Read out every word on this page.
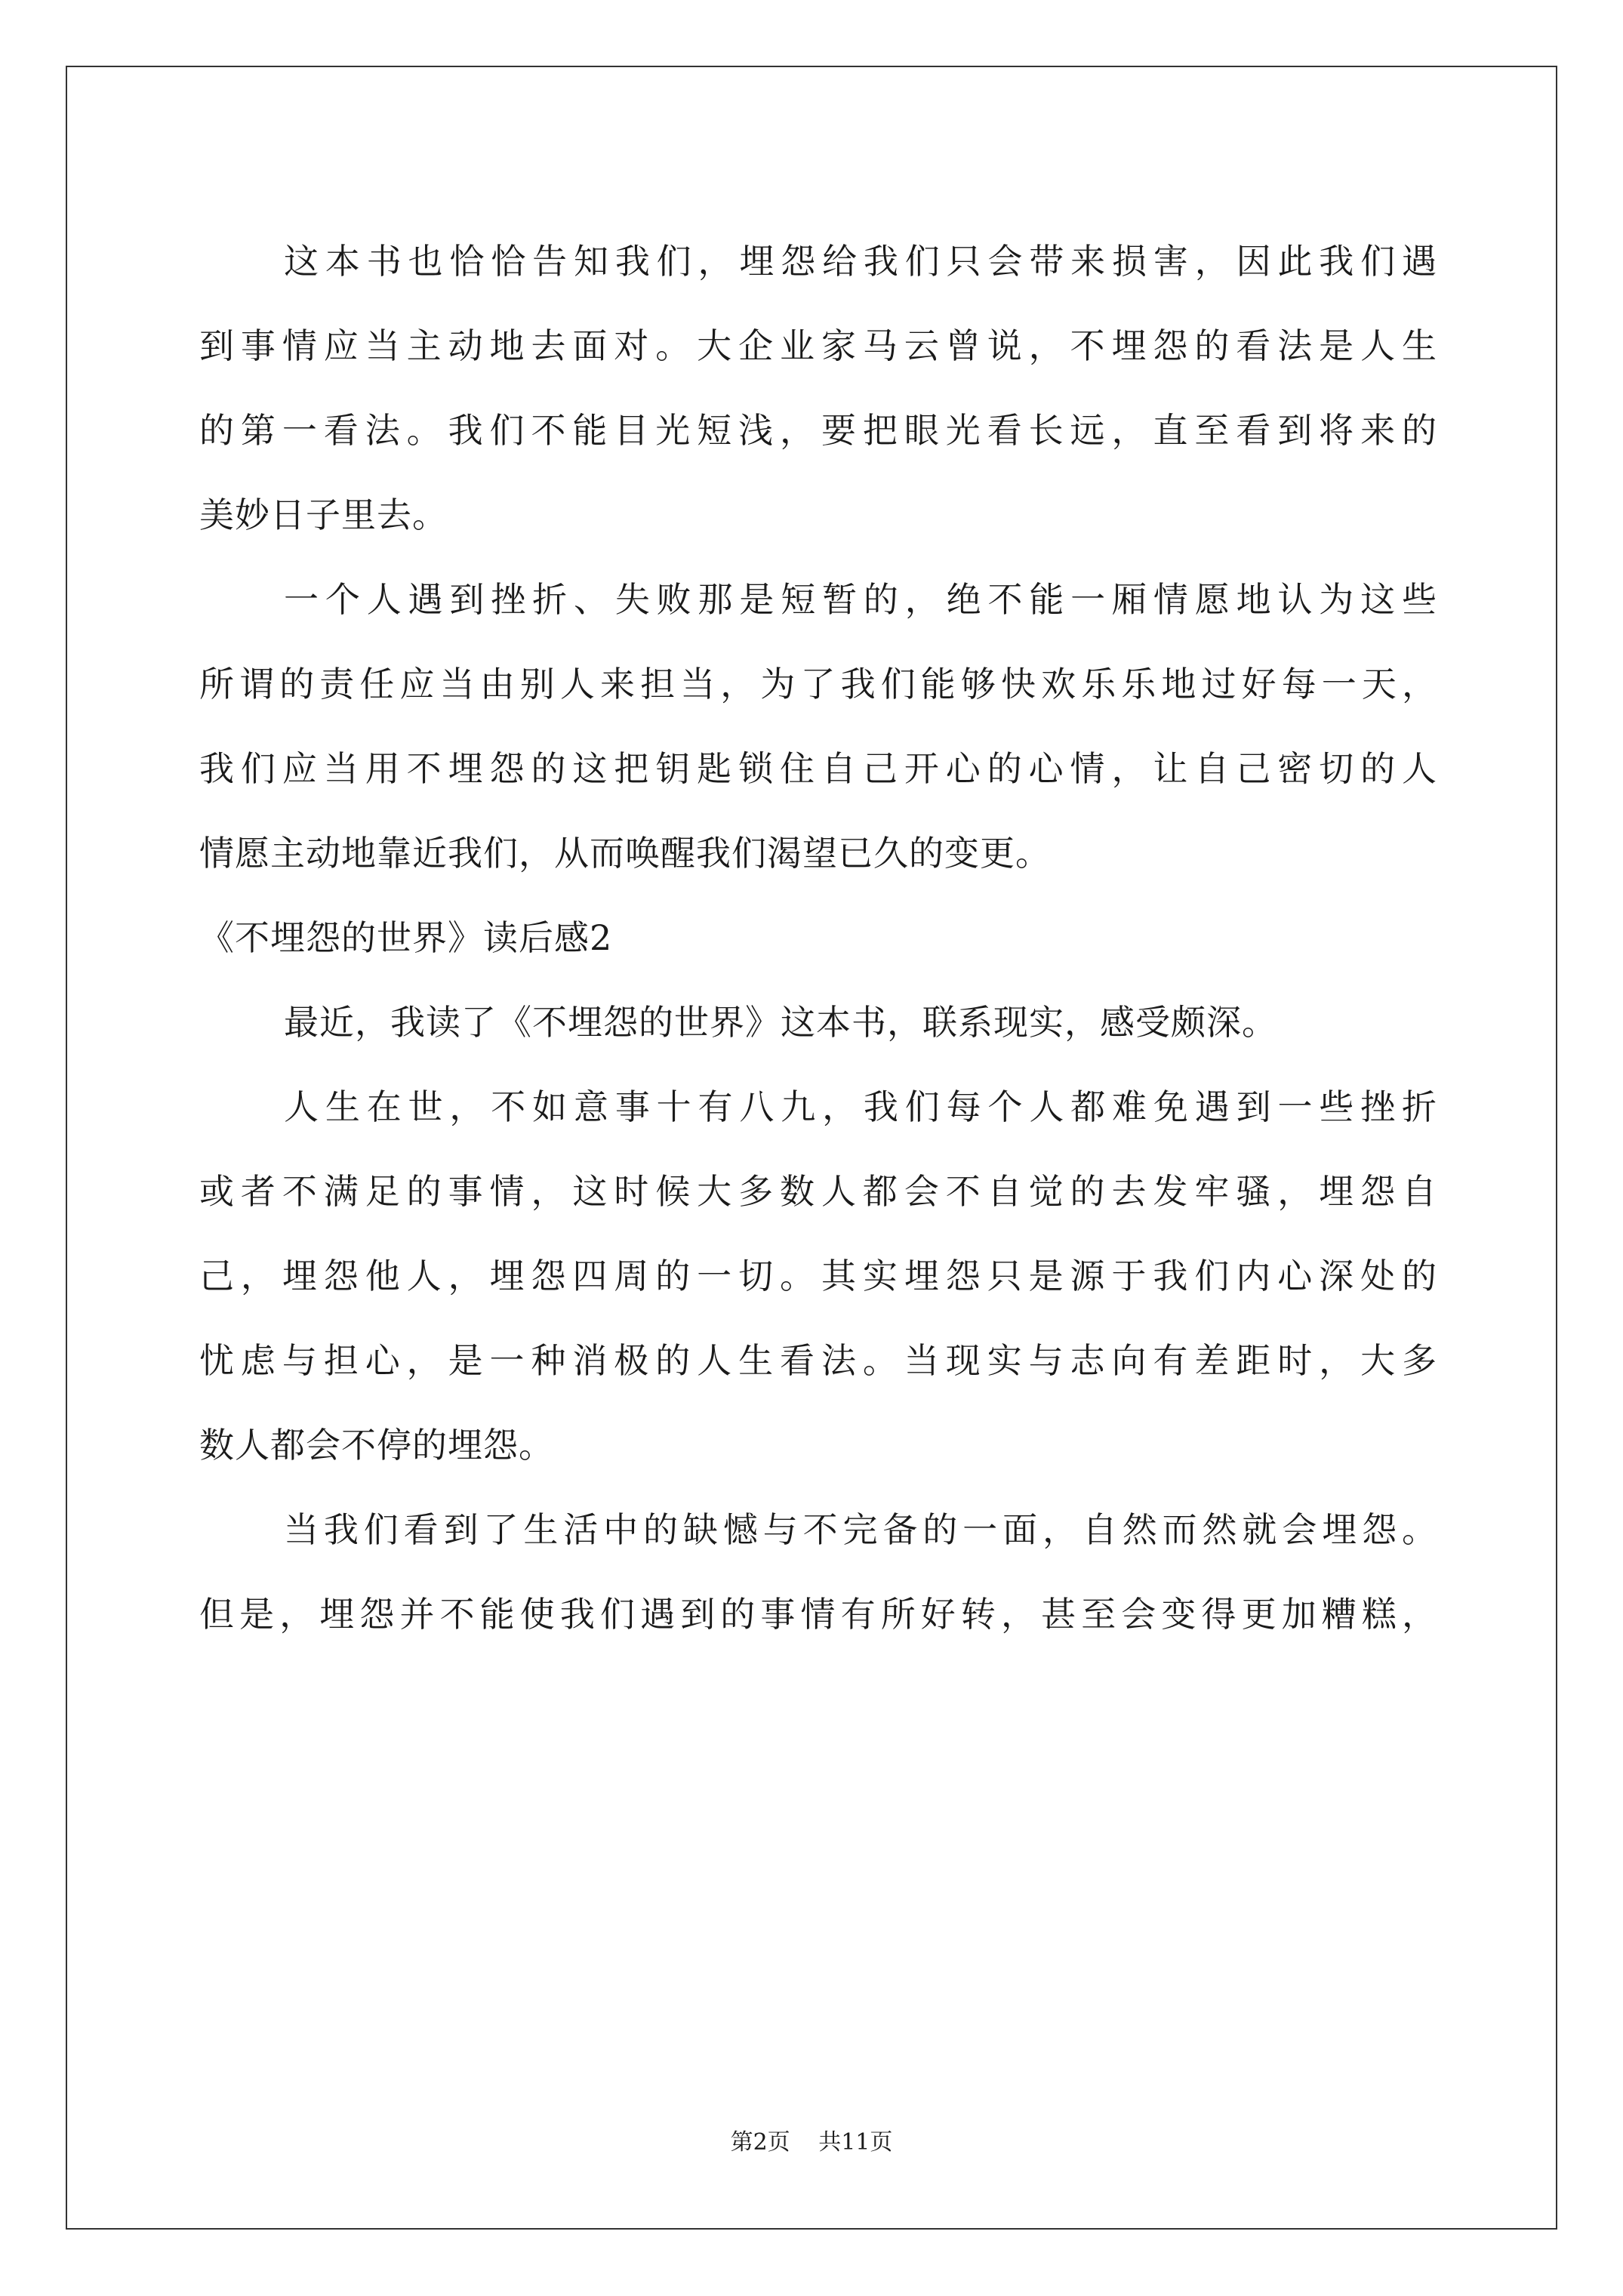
这本书也恰恰告知我们，埋怨给我们只会带来损害，因此我们遇
到事情应当主动地去面对。大企业家马云曾说，不埋怨的看法是人生
的第一看法。我们不能目光短浅，要把眼光看长远，直至看到将来的
美妙日子里去。
一个人遇到挫折、失败那是短暂的，绝不能一厢情愿地认为这些
所谓的责任应当由别人来担当，为了我们能够快欢乐乐地过好每一天，
我们应当用不埋怨的这把钥匙锁住自己开心的心情，让自己密切的人
情愿主动地靠近我们，从而唤醒我们渴望已久的变更。
《不埋怨的世界》读后感2
最近，我读了《不埋怨的世界》这本书，联系现实，感受颇深。
人生在世，不如意事十有八九，我们每个人都难免遇到一些挫折
或者不满足的事情，这时候大多数人都会不自觉的去发牢骚，埋怨自
己，埋怨他人，埋怨四周的一切。其实埋怨只是源于我们内心深处的
忧虑与担心，是一种消极的人生看法。当现实与志向有差距时，大多
数人都会不停的埋怨。
当我们看到了生活中的缺憾与不完备的一面，自然而然就会埋怨。
但是，埋怨并不能使我们遇到的事情有所好转，甚至会变得更加糟糕，
第2页 共11页
